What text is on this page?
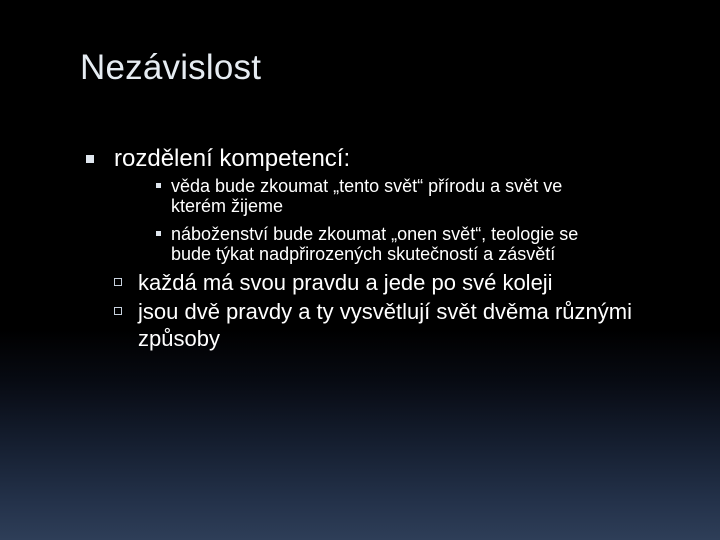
Nezávislost
rozdělení kompetencí:
věda bude zkoumat „tento svět“ přírodu a svět ve
kterém žijeme
náboženství bude zkoumat „onen svět“, teologie se
bude týkat nadpřirozených skutečností a zásvětí
každá má svou pravdu a jede po své koleji
jsou dvě pravdy a ty vysvětlují svět dvěma různými
způsoby
